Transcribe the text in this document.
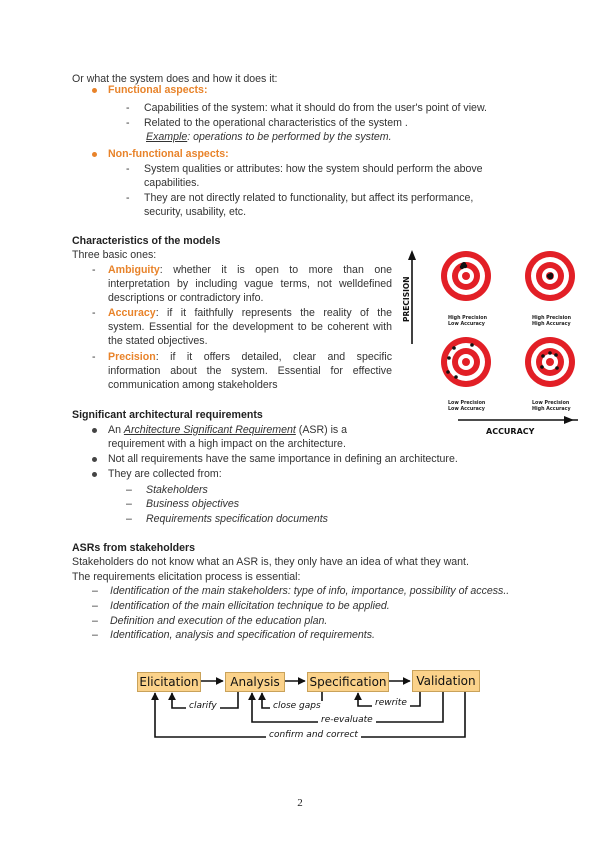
Or what the system does and how it does it:
Functional aspects:
- Capabilities of the system: what it should do from the user's point of view.
- Related to the operational characteristics of the system .
Example: operations to be performed by the system.
Non-functional aspects:
- System qualities or attributes: how the system should perform the above
capabilities.
- They are not directly related to functionality, but affect its performance,
security, usability, etc.
Characteristics of the models
Three basic ones:
- Ambiguity: whether it is open to more than one
interpretation by including vague terms, not welldefined
descriptions or contradictory info.
- Accuracy: if it faithfully represents the reality of the
system. Essential for the development to be coherent with
the stated objectives.
- Precision: if it offers detailed, clear and specific
information about the system. Essential for effective
communication among stakeholders
PRECISION
ACCURACY
High Precision
Low Accuracy
High Precision
High Accuracy
Low Precision
Low Accuracy
Low Precision
High Accuracy
Significant architectural requirements
An Architecture Significant Requirement (ASR) is a
requirement with a high impact on the architecture.
Not all requirements have the same importance in defining an architecture.
They are collected from:
– Stakeholders
– Business objectives
– Requirements specification documents
ASRs from stakeholders
Stakeholders do not know what an ASR is, they only have an idea of what they want.
The requirements elicitation process is essential:
– Identification of the main stakeholders: type of info, importance, possibility of access..
– Identification of the main ellicitation technique to be applied.
– Definition and execution of the education plan.
– Identification, analysis and specification of requirements.
Elicitation	Analysis	Specification	Validation
clarify	close gaps	rewrite
re-evaluate
confirm and correct
2
